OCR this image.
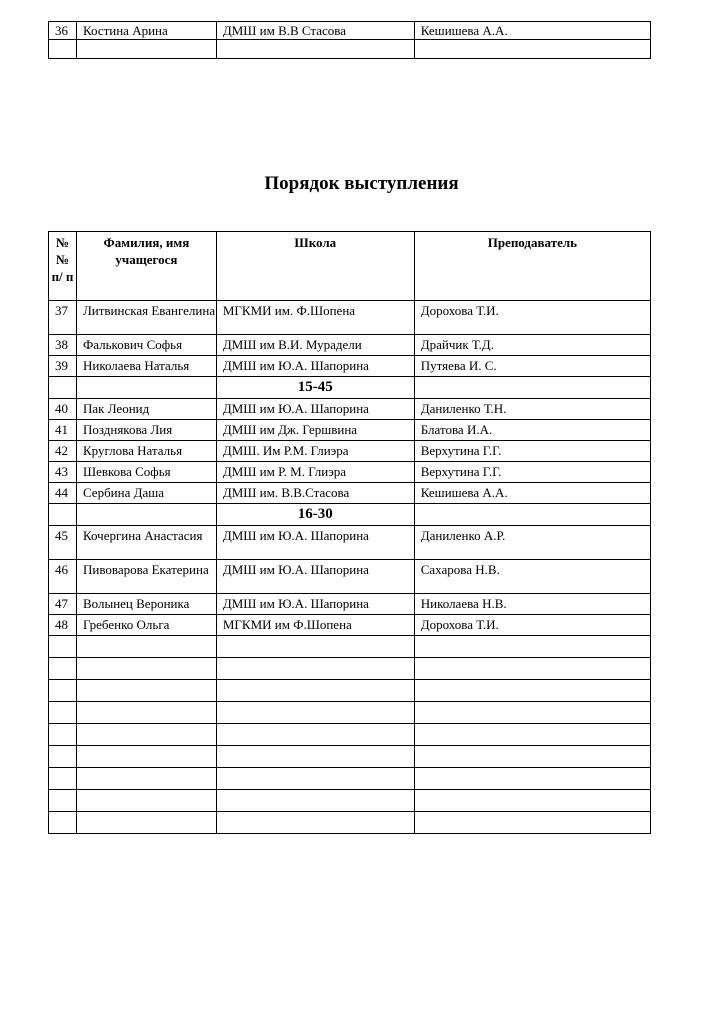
36	Костина Арина	ДМШ им В.В Стасова	Кешишева А.А.

Порядок выступления
№ № п/ п	Фамилия, имя учащегося	Школа	Преподаватель
37	Литвинская Евангелина	МГКМИ им. Ф.Шопена	Дорохова Т.И.
38	Фалькович Софья	ДМШ им В.И. Мурадели	Драйчик Т.Д.
39	Николаева Наталья	ДМШ им Ю.А. Шапорина	Путяева И. С.
		15-45	
40	Пак Леонид	ДМШ им Ю.А. Шапорина	Даниленко Т.Н.
41	Позднякова Лия	ДМШ им Дж. Гершвина	Блатова И.А.
42	Круглова Наталья	ДМШ. Им Р.М. Глиэра	Верхутина Г.Г.
43	Шевкова Софья	ДМШ им Р. М. Глиэра	Верхутина Г.Г.
44	Сербина Даша	ДМШ им. В.В.Стасова	Кешишева А.А.
		16-30	
45	Кочергина Анастасия	ДМШ им Ю.А. Шапорина	Даниленко А.Р.
46	Пивоварова Екатерина	ДМШ им Ю.А. Шапорина	Сахарова Н.В.
47	Волынец Вероника	ДМШ им Ю.А. Шапорина	Николаева Н.В.
48	Гребенко Ольга	МГКМИ им Ф.Шопена	Дорохова Т.И.
